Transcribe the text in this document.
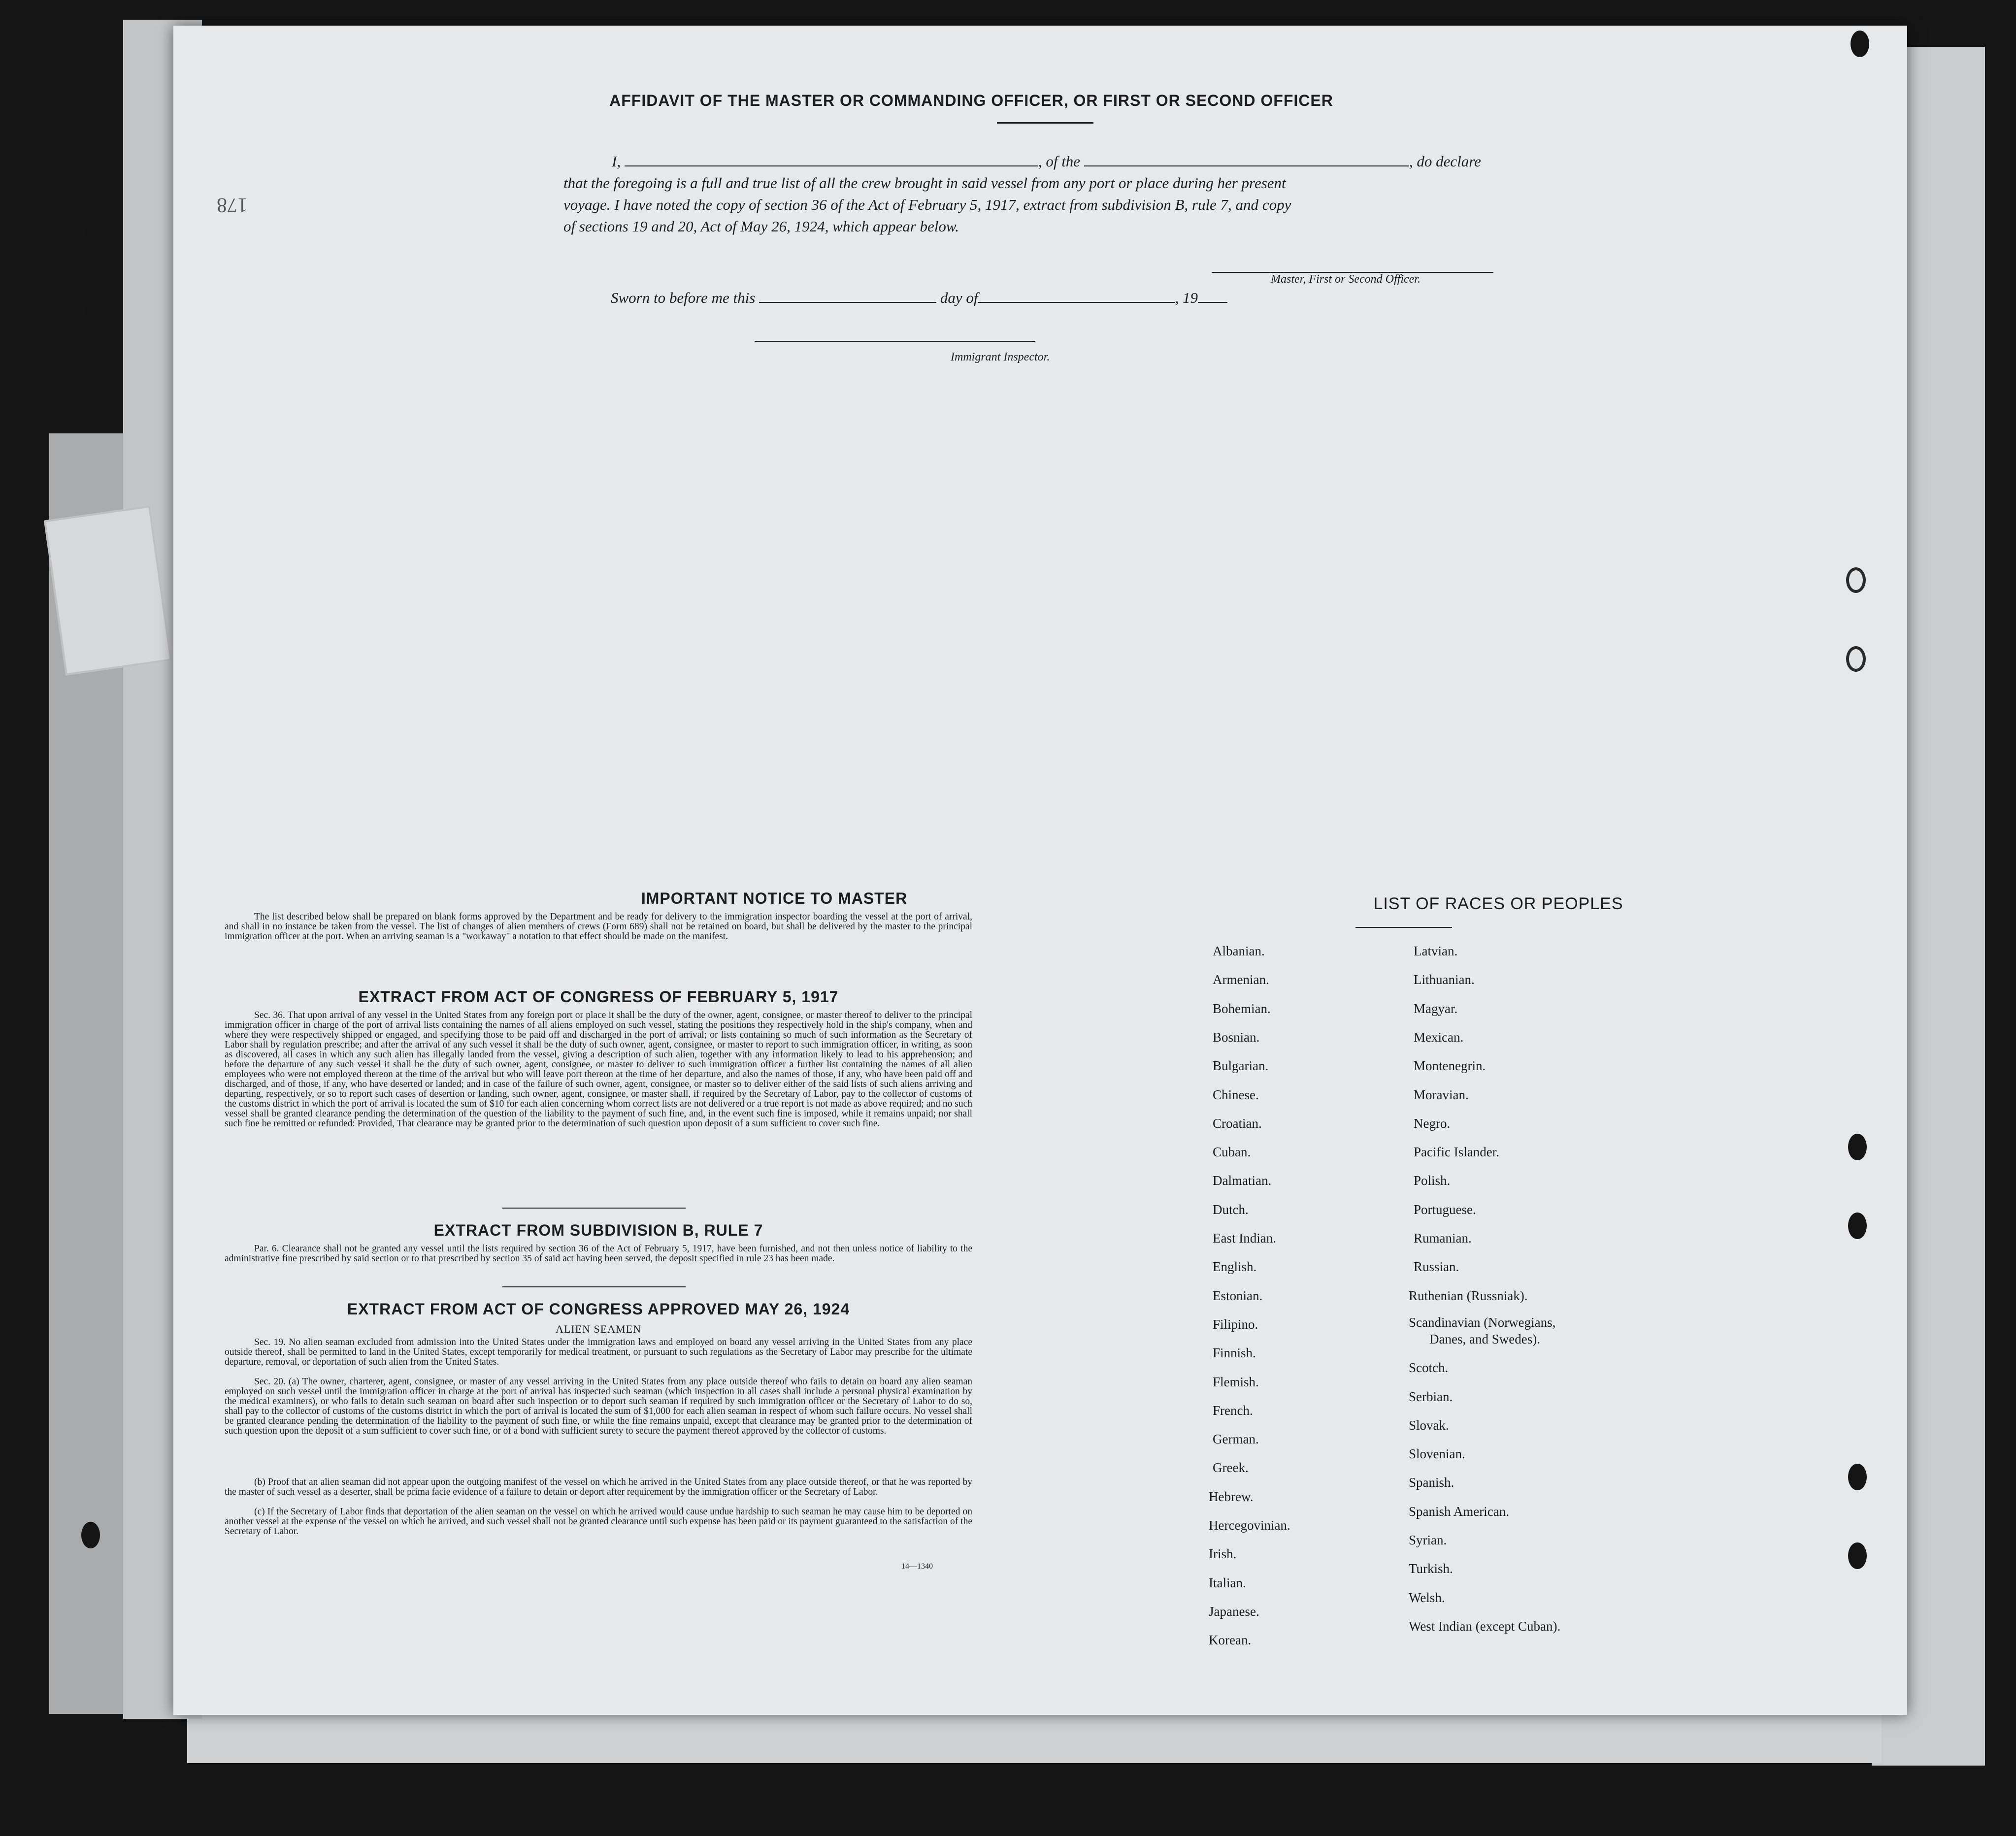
AFFIDAVIT OF THE MASTER OR COMMANDING OFFICER, OR FIRST OR SECOND OFFICER
I,	, of the	, do declare
that the foregoing is a full and true list of all the crew brought in said vessel from any port or place during her present
voyage. I have noted the copy of section 36 of the Act of February 5, 1917, extract from subdivision B, rule 7, and copy
of sections 19 and 20, Act of May 26, 1924, which appear below.
Master, First or Second Officer.
Sworn to before me this	day of	, 19
Immigrant Inspector.
178
IMPORTANT NOTICE TO MASTER
The list described below shall be prepared on blank forms approved by the Department and be ready for delivery to the immigration inspector boarding the vessel at the port of arrival, and shall in no instance be taken from the vessel. The list of changes of alien members of crews (Form 689) shall not be retained on board, but shall be delivered by the master to the principal immigration officer at the port. When an arriving seaman is a "workaway" a notation to that effect should be made on the manifest.
EXTRACT FROM ACT OF CONGRESS OF FEBRUARY 5, 1917
Sec. 36. That upon arrival of any vessel in the United States from any foreign port or place it shall be the duty of the owner, agent, consignee, or master thereof to deliver to the principal immigration officer in charge of the port of arrival lists containing the names of all aliens employed on such vessel, stating the positions they respectively hold in the ship's company, when and where they were respectively shipped or engaged, and specifying those to be paid off and discharged in the port of arrival; or lists containing so much of such information as the Secretary of Labor shall by regulation prescribe; and after the arrival of any such vessel it shall be the duty of such owner, agent, consignee, or master to report to such immigration officer, in writing, as soon as discovered, all cases in which any such alien has illegally landed from the vessel, giving a description of such alien, together with any information likely to lead to his apprehension; and before the departure of any such vessel it shall be the duty of such owner, agent, consignee, or master to deliver to such immigration officer a further list containing the names of all alien employees who were not employed thereon at the time of the arrival but who will leave port thereon at the time of her departure, and also the names of those, if any, who have been paid off and discharged, and of those, if any, who have deserted or landed; and in case of the failure of such owner, agent, consignee, or master so to deliver either of the said lists of such aliens arriving and departing, respectively, or so to report such cases of desertion or landing, such owner, agent, consignee, or master shall, if required by the Secretary of Labor, pay to the collector of customs of the customs district in which the port of arrival is located the sum of $10 for each alien concerning whom correct lists are not delivered or a true report is not made as above required; and no such vessel shall be granted clearance pending the determination of the question of the liability to the payment of such fine, and, in the event such fine is imposed, while it remains unpaid; nor shall such fine be remitted or refunded: Provided, That clearance may be granted prior to the determination of such question upon deposit of a sum sufficient to cover such fine.
EXTRACT FROM SUBDIVISION B, RULE 7
Par. 6. Clearance shall not be granted any vessel until the lists required by section 36 of the Act of February 5, 1917, have been furnished, and not then unless notice of liability to the administrative fine prescribed by said section or to that prescribed by section 35 of said act having been served, the deposit specified in rule 23 has been made.
EXTRACT FROM ACT OF CONGRESS APPROVED MAY 26, 1924
ALIEN SEAMEN
Sec. 19. No alien seaman excluded from admission into the United States under the immigration laws and employed on board any vessel arriving in the United States from any place outside thereof, shall be permitted to land in the United States, except temporarily for medical treatment, or pursuant to such regulations as the Secretary of Labor may prescribe for the ultimate departure, removal, or deportation of such alien from the United States.
Sec. 20. (a) The owner, charterer, agent, consignee, or master of any vessel arriving in the United States from any place outside thereof who fails to detain on board any alien seaman employed on such vessel until the immigration officer in charge at the port of arrival has inspected such seaman (which inspection in all cases shall include a personal physical examination by the medical examiners), or who fails to detain such seaman on board after such inspection or to deport such seaman if required by such immigration officer or the Secretary of Labor to do so, shall pay to the collector of customs of the customs district in which the port of arrival is located the sum of $1,000 for each alien seaman in respect of whom such failure occurs. No vessel shall be granted clearance pending the determination of the liability to the payment of such fine, or while the fine remains unpaid, except that clearance may be granted prior to the determination of such question upon the deposit of a sum sufficient to cover such fine, or of a bond with sufficient surety to secure the payment thereof approved by the collector of customs.
(b) Proof that an alien seaman did not appear upon the outgoing manifest of the vessel on which he arrived in the United States from any place outside thereof, or that he was reported by the master of such vessel as a deserter, shall be prima facie evidence of a failure to detain or deport after requirement by the immigration officer or the Secretary of Labor.
(c) If the Secretary of Labor finds that deportation of the alien seaman on the vessel on which he arrived would cause undue hardship to such seaman he may cause him to be deported on another vessel at the expense of the vessel on which he arrived, and such vessel shall not be granted clearance until such expense has been paid or its payment guaranteed to the satisfaction of the Secretary of Labor.
14—1340
LIST OF RACES OR PEOPLES
Albanian.
Armenian.
Bohemian.
Bosnian.
Bulgarian.
Chinese.
Croatian.
Cuban.
Dalmatian.
Dutch.
East Indian.
English.
Estonian.
Filipino.
Finnish.
Flemish.
French.
German.
Greek.
Hebrew.
Hercegovinian.
Irish.
Italian.
Japanese.
Korean.
Latvian.
Lithuanian.
Magyar.
Mexican.
Montenegrin.
Moravian.
Negro.
Pacific Islander.
Polish.
Portuguese.
Rumanian.
Russian.
Ruthenian (Russniak).
Scandinavian (Norwegians,
Danes, and Swedes).
Scotch.
Serbian.
Slovak.
Slovenian.
Spanish.
Spanish American.
Syrian.
Turkish.
Welsh.
West Indian (except Cuban).
